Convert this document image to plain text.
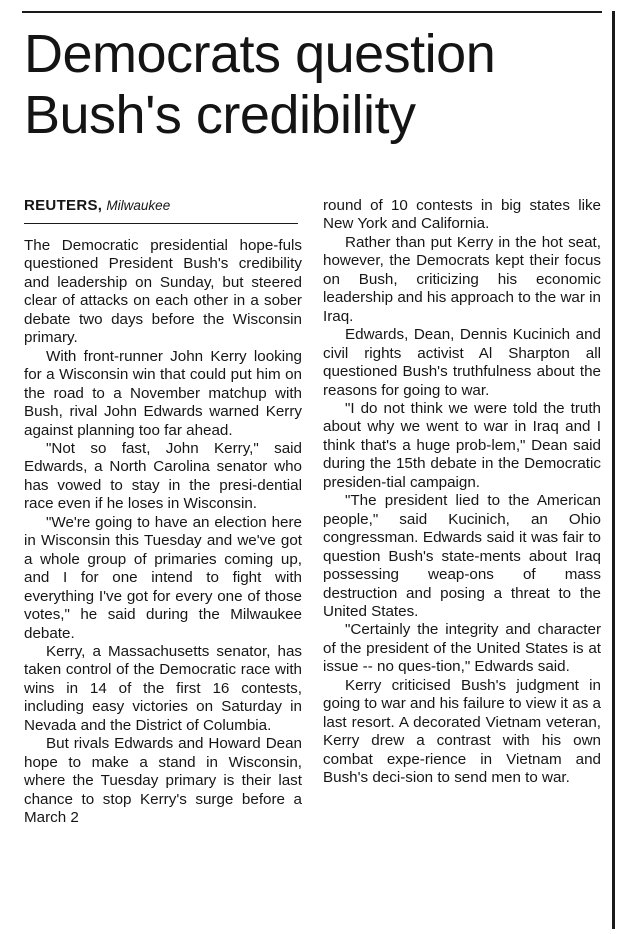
Democrats question
Bush's credibility
REUTERS, Milwaukee

The Democratic presidential hope-fuls questioned President Bush's credibility and leadership on Sunday, but steered clear of attacks on each other in a sober debate two days before the Wisconsin primary.

With front-runner John Kerry looking for a Wisconsin win that could put him on the road to a November matchup with Bush, rival John Edwards warned Kerry against planning too far ahead.

"Not so fast, John Kerry," said Edwards, a North Carolina senator who has vowed to stay in the presi-dential race even if he loses in Wisconsin.

"We're going to have an election here in Wisconsin this Tuesday and we've got a whole group of primaries coming up, and I for one intend to fight with everything I've got for every one of those votes," he said during the Milwaukee debate.

Kerry, a Massachusetts senator, has taken control of the Democratic race with wins in 14 of the first 16 contests, including easy victories on Saturday in Nevada and the District of Columbia.

But rivals Edwards and Howard Dean hope to make a stand in Wisconsin, where the Tuesday primary is their last chance to stop Kerry's surge before a March 2

round of 10 contests in big states like New York and California.

Rather than put Kerry in the hot seat, however, the Democrats kept their focus on Bush, criticizing his economic leadership and his approach to the war in Iraq.

Edwards, Dean, Dennis Kucinich and civil rights activist Al Sharpton all questioned Bush's truthfulness about the reasons for going to war.

"I do not think we were told the truth about why we went to war in Iraq and I think that's a huge prob-lem," Dean said during the 15th debate in the Democratic presiden-tial campaign.

"The president lied to the American people," said Kucinich, an Ohio congressman. Edwards said it was fair to question Bush's state-ments about Iraq possessing weap-ons of mass destruction and posing a threat to the United States.

"Certainly the integrity and character of the president of the United States is at issue -- no ques-tion," Edwards said.

Kerry criticised Bush's judgment in going to war and his failure to view it as a last resort. A decorated Vietnam veteran, Kerry drew a contrast with his own combat expe-rience in Vietnam and Bush's deci-sion to send men to war.
